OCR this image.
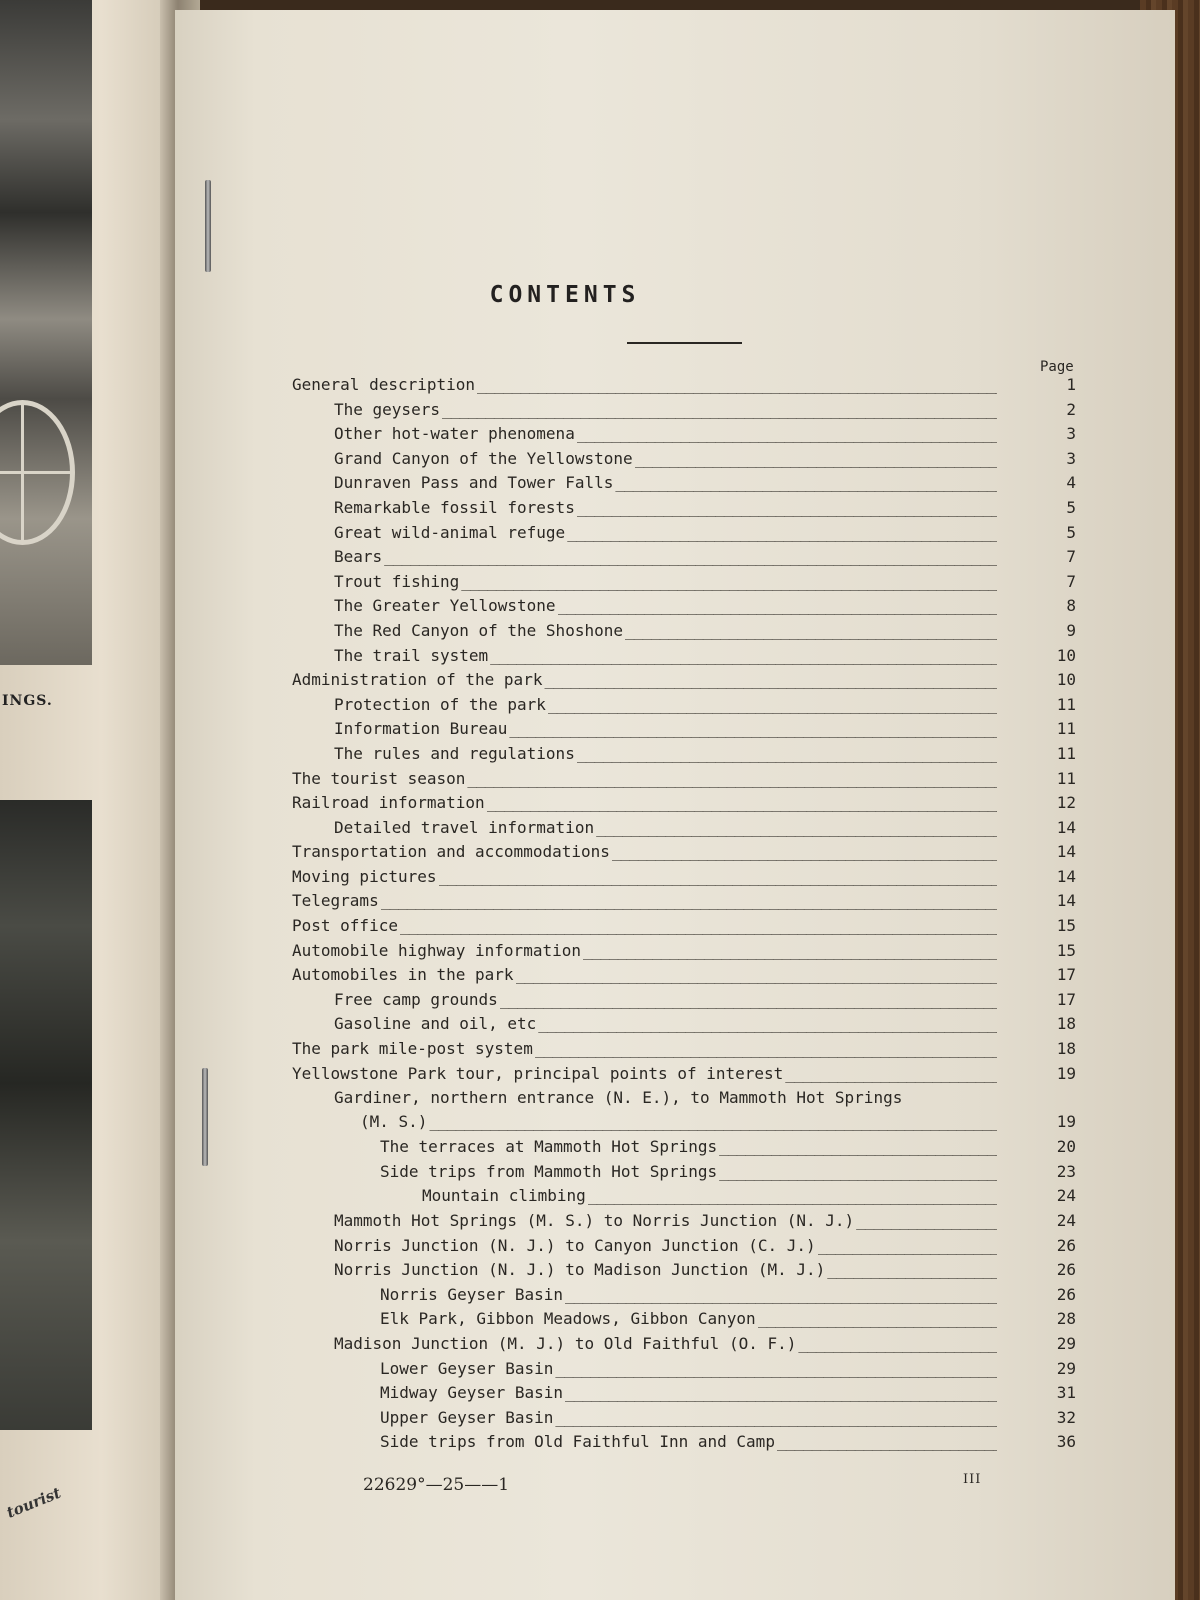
INGS.
tourist
CONTENTS
Page
General description _____	1
The geysers _____	2
Other hot-water phenomena _____	3
Grand Canyon of the Yellowstone _____	3
Dunraven Pass and Tower Falls _____	4
Remarkable fossil forests _____	5
Great wild-animal refuge _____	5
Bears _____	7
Trout fishing _____	7
The Greater Yellowstone _____	8
The Red Canyon of the Shoshone _____	9
The trail system _____	10
Administration of the park _____	10
Protection of the park _____	11
Information Bureau _____	11
The rules and regulations _____	11
The tourist season _____	11
Railroad information _____	12
Detailed travel information _____	14
Transportation and accommodations _____	14
Moving pictures _____	14
Telegrams _____	14
Post office _____	15
Automobile highway information _____	15
Automobiles in the park _____	17
Free camp grounds _____	17
Gasoline and oil, etc _____	18
The park mile-post system _____	18
Yellowstone Park tour, principal points of interest _____	19
Gardiner, northern entrance (N. E.), to Mammoth Hot Springs
(M. S.) _____	19
The terraces at Mammoth Hot Springs _____	20
Side trips from Mammoth Hot Springs _____	23
Mountain climbing _____	24
Mammoth Hot Springs (M. S.) to Norris Junction (N. J.) _____	24
Norris Junction (N. J.) to Canyon Junction (C. J.) _____	26
Norris Junction (N. J.) to Madison Junction (M. J.) _____	26
Norris Geyser Basin _____	26
Elk Park, Gibbon Meadows, Gibbon Canyon _____	28
Madison Junction (M. J.) to Old Faithful (O. F.) _____	29
Lower Geyser Basin _____	29
Midway Geyser Basin _____	31
Upper Geyser Basin _____	32
Side trips from Old Faithful Inn and Camp _____	36
22629°—25——1	III
